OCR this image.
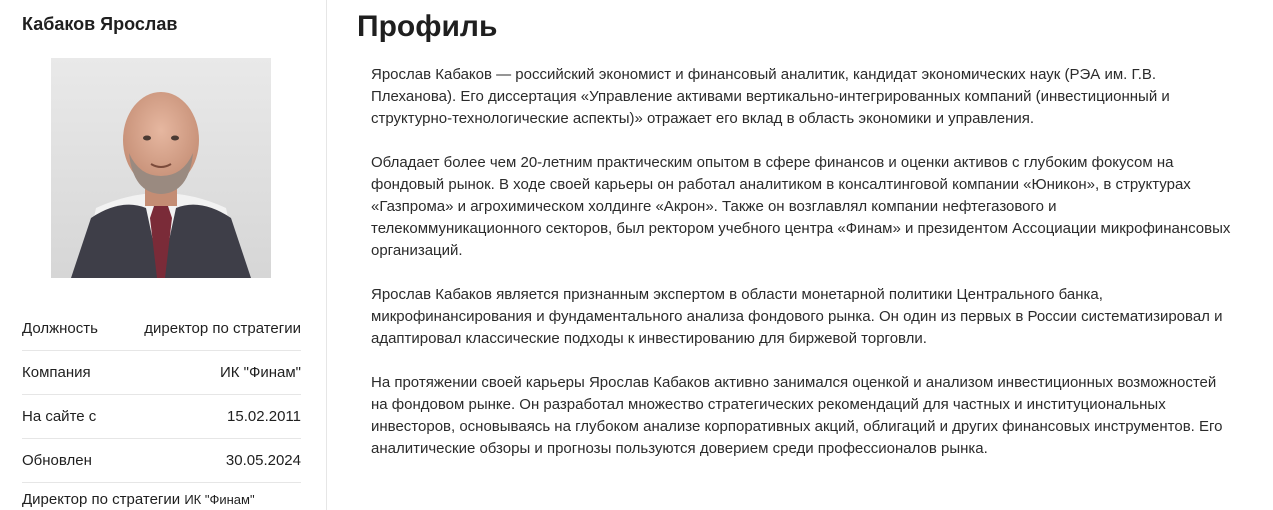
Кабаков Ярослав
Должность	директор по стратегии
Компания	ИК "Финам"
На сайте с	15.02.2011
Обновлен	30.05.2024
Директор по стратегии ИК "Финам"
Профиль

Ярослав Кабаков — российский экономист и финансовый аналитик, кандидат экономических наук (РЭА им. Г.В. Плеханова). Его диссертация «Управление активами вертикально-интегрированных компаний (инвестиционный и структурно-технологические аспекты)» отражает его вклад в область экономики и управления.

Обладает более чем 20-летним практическим опытом в сфере финансов и оценки активов с глубоким фокусом на фондовый рынок. В ходе своей карьеры он работал аналитиком в консалтинговой компании «Юникон», в структурах «Газпрома» и агрохимическом холдинге «Акрон». Также он возглавлял компании нефтегазового и телекоммуникационного секторов, был ректором учебного центра «Финам» и президентом Ассоциации микрофинансовых организаций.

Ярослав Кабаков является признанным экспертом в области монетарной политики Центрального банка, микрофинансирования и фундаментального анализа фондового рынка. Он один из первых в России систематизировал и адаптировал классические подходы к инвестированию для биржевой торговли.

На протяжении своей карьеры Ярослав Кабаков активно занимался оценкой и анализом инвестиционных возможностей на фондовом рынке. Он разработал множество стратегических рекомендаций для частных и институциональных инвесторов, основываясь на глубоком анализе корпоративных акций, облигаций и других финансовых инструментов. Его аналитические обзоры и прогнозы пользуются доверием среди профессионалов рынка.
